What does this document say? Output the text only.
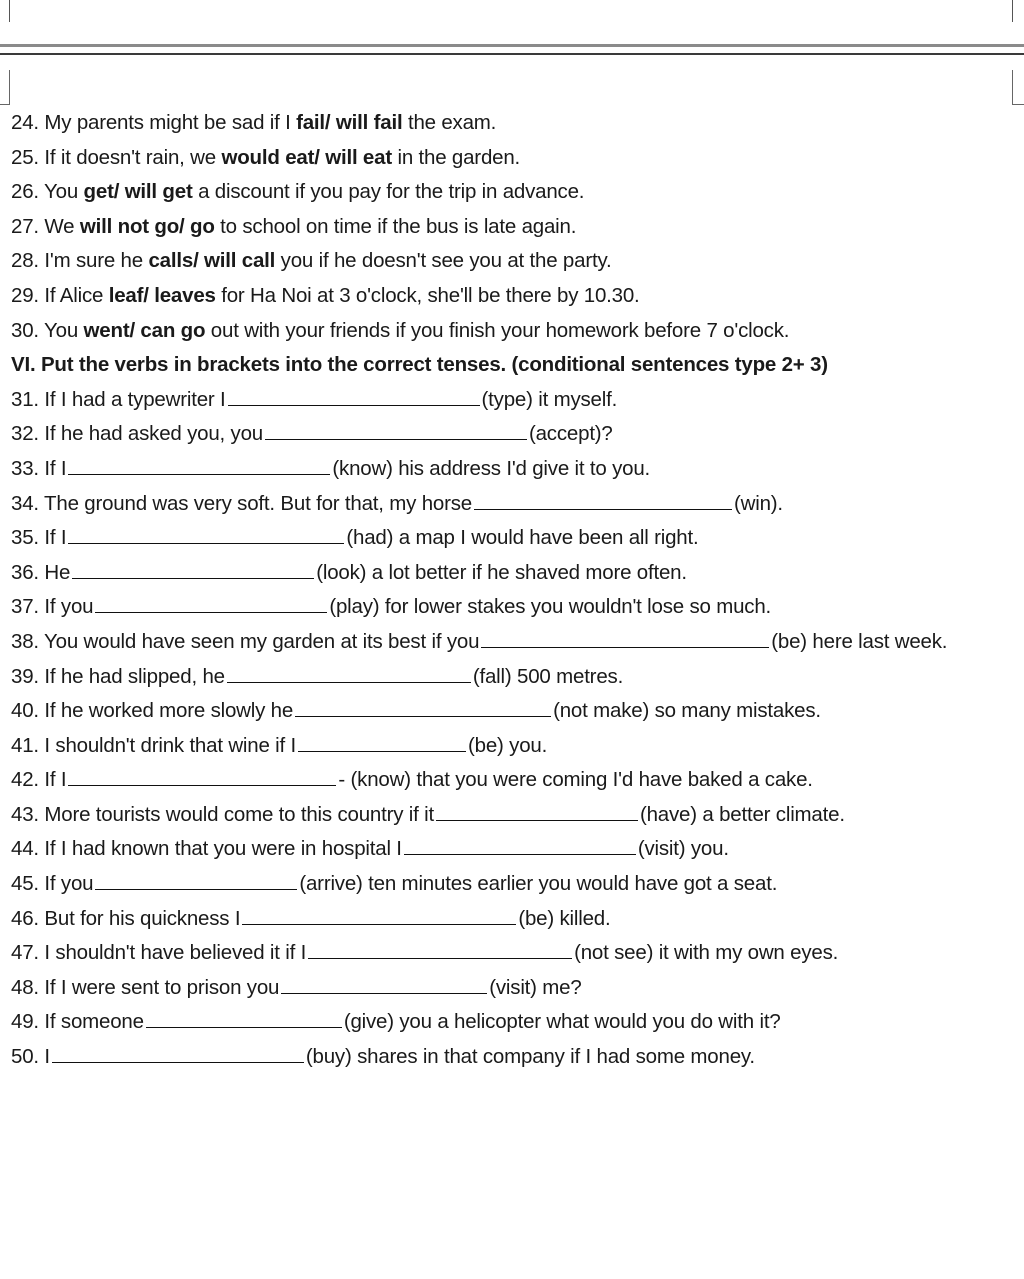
24. My parents might be sad if I fail/ will fail the exam.
25. If it doesn't rain, we would eat/ will eat in the garden.
26. You get/ will get a discount if you pay for the trip in advance.
27. We will not go/ go to school on time if the bus is late again.
28. I'm sure he calls/ will call you if he doesn't see you at the party.
29. If Alice leaf/ leaves for Ha Noi at 3 o'clock, she'll be there by 10.30.
30. You went/ can go out with your friends if you finish your homework before 7 o'clock.
VI. Put the verbs in brackets into the correct tenses. (conditional sentences type 2+ 3)
31. If I had a typewriter I	(type) it myself.
32. If he had asked you, you	(accept)?
33. If I	(know) his address I'd give it to you.
34. The ground was very soft. But for that, my horse	(win).
35. If I	(had) a map I would have been all right.
36. He	(look) a lot better if he shaved more often.
37. If you	(play) for lower stakes you wouldn't lose so much.
38. You would have seen my garden at its best if you	(be) here last week.
39. If he had slipped, he	(fall) 500 metres.
40. If he worked more slowly he	(not make) so many mistakes.
41. I shouldn't drink that wine if I	(be) you.
42. If I	- (know) that you were coming I'd have baked a cake.
43. More tourists would come to this country if it	(have) a better climate.
44. If I had known that you were in hospital I	(visit) you.
45. If you	(arrive) ten minutes earlier you would have got a seat.
46. But for his quickness I	(be) killed.
47. I shouldn't have believed it if I	(not see) it with my own eyes.
48. If I were sent to prison you	(visit) me?
49. If someone	(give) you a helicopter what would you do with it?
50. I	(buy) shares in that company if I had some money.
